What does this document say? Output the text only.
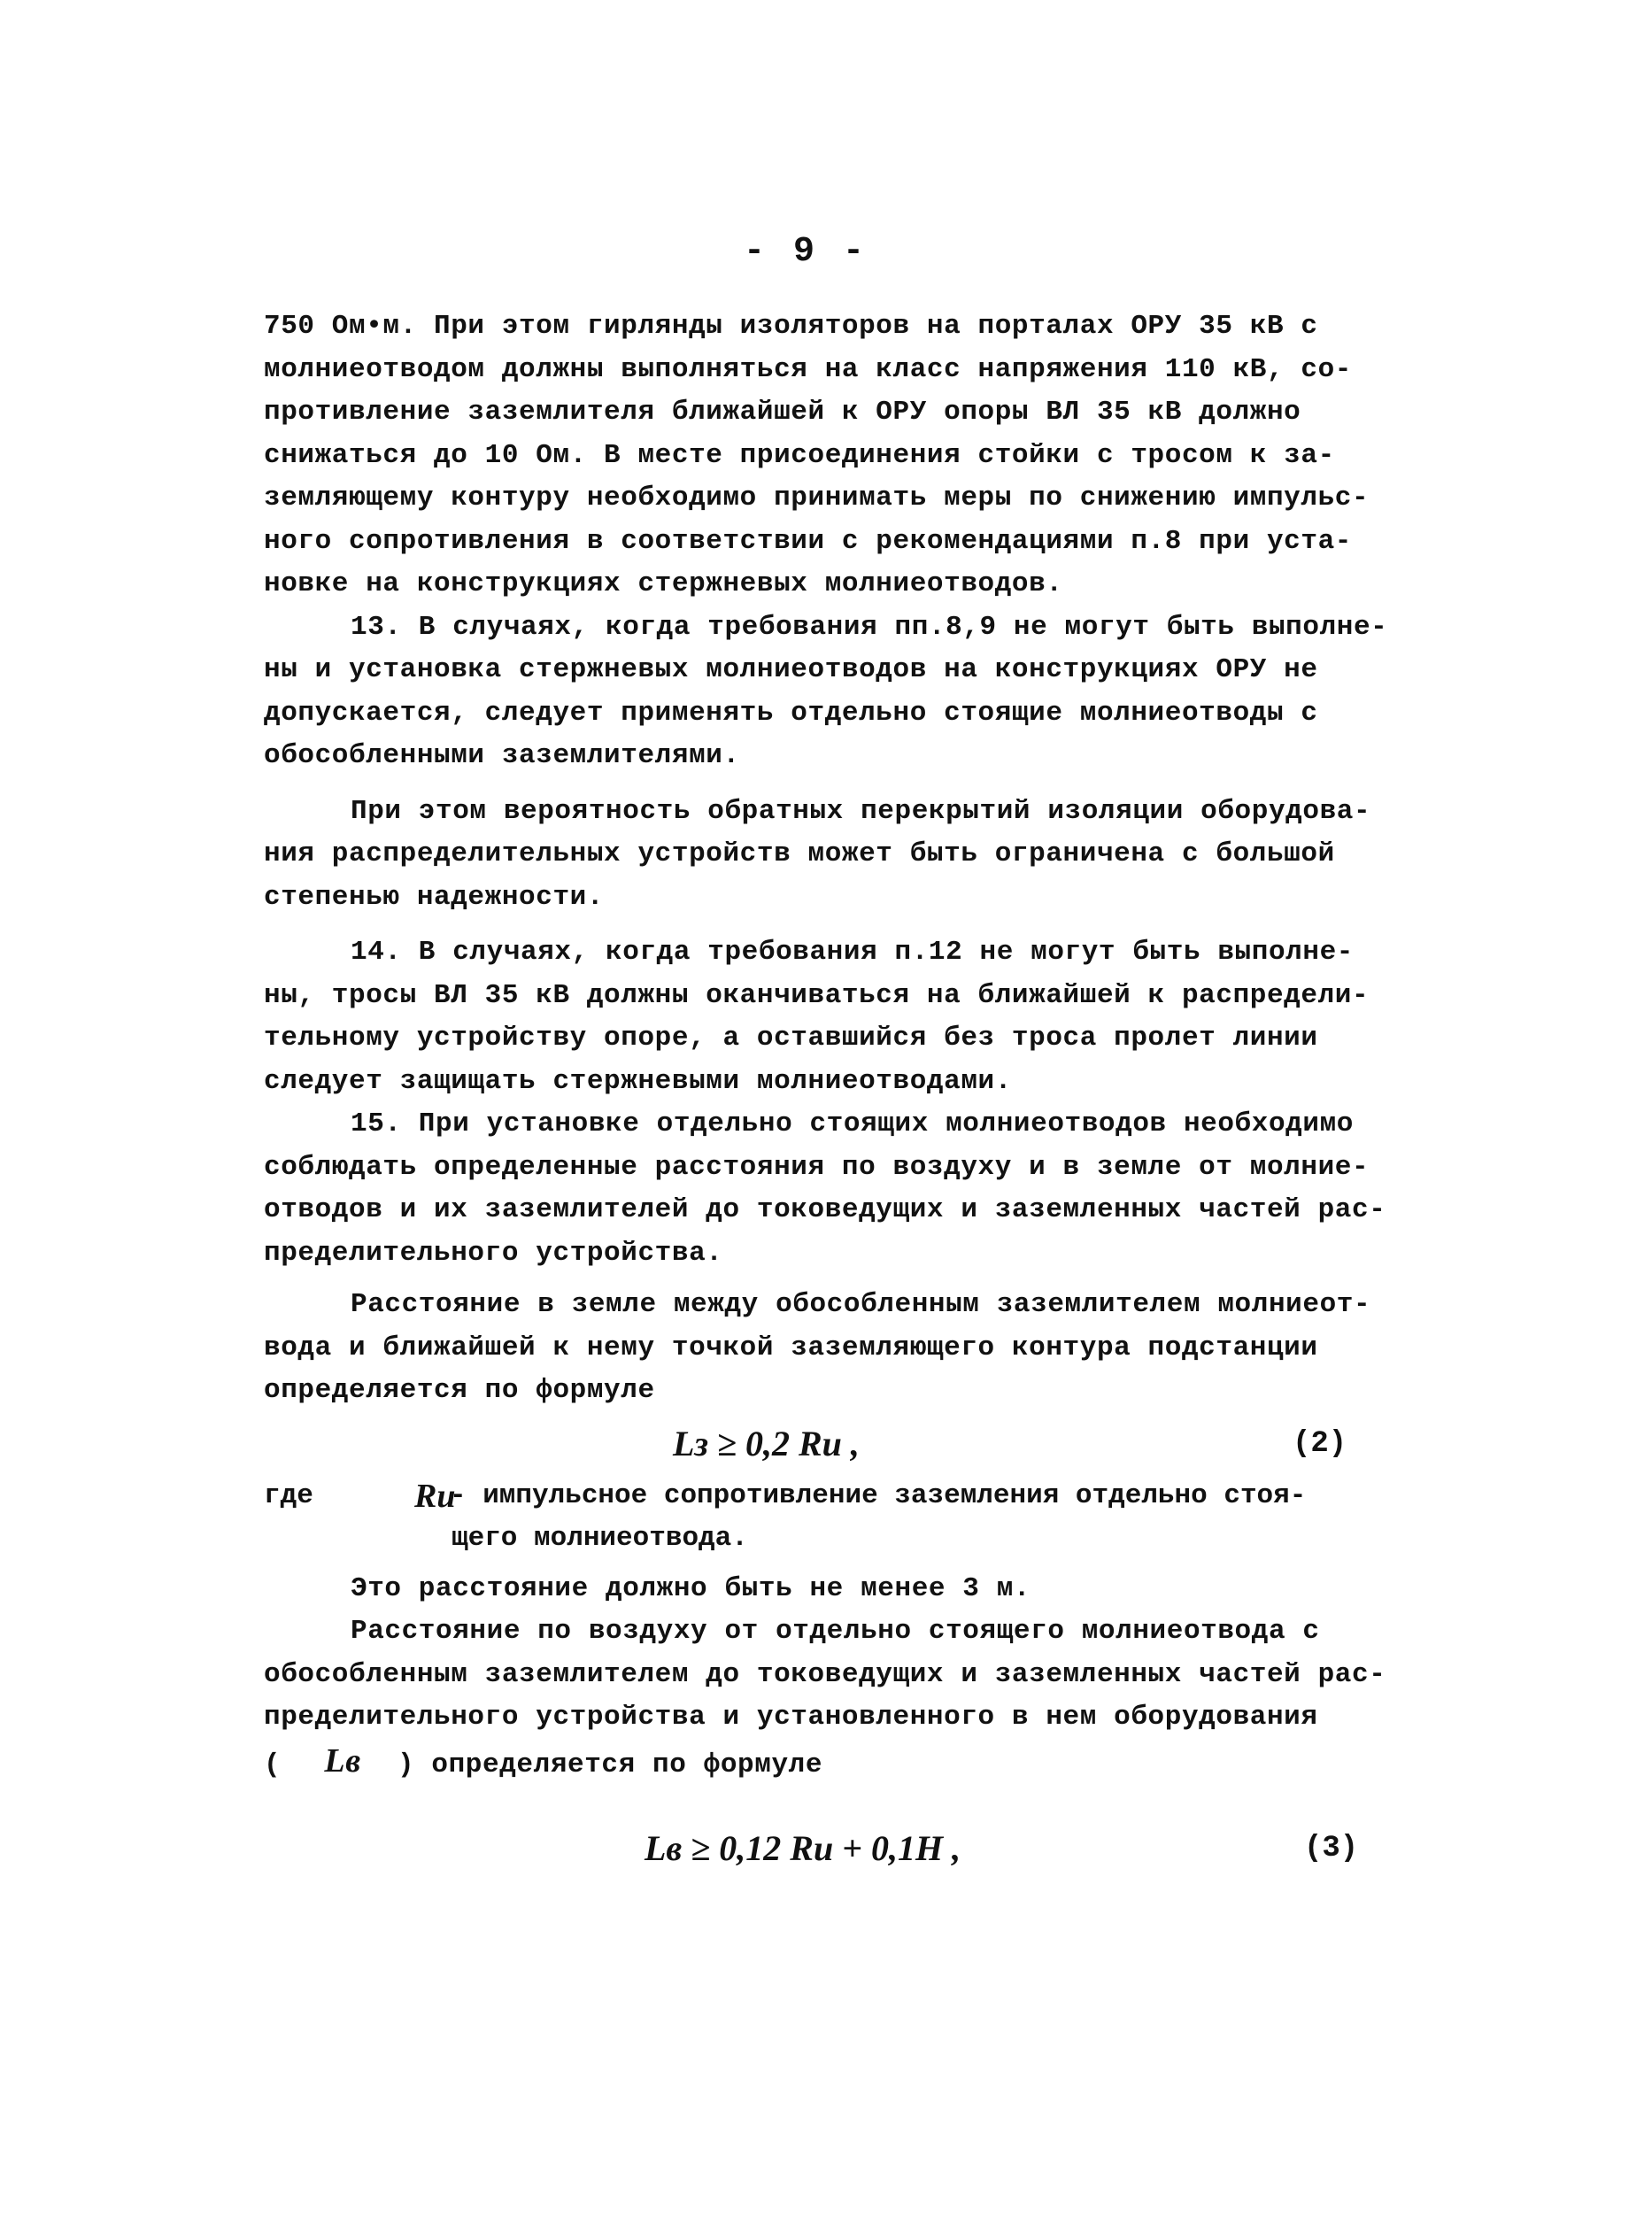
- 9 -
750 Ом•м. При этом гирлянды изоляторов на порталах ОРУ 35 кВ с
молниеотводом должны выполняться на класс напряжения 110 кВ, со-
противление заземлителя ближайшей к ОРУ опоры ВЛ 35 кВ должно
снижаться до 10 Ом. В месте присоединения стойки с тросом к за-
земляющему контуру необходимо принимать меры по снижению импульс-
ного сопротивления в соответствии с рекомендациями п.8 при уста-
новке на конструкциях стержневых молниеотводов.
13. В случаях, когда требования пп.8,9 не могут быть выполне-
ны и установка стержневых молниеотводов на конструкциях ОРУ не
допускается, следует применять отдельно стоящие молниеотводы с
обособленными заземлителями.
При этом вероятность обратных перекрытий изоляции оборудова-
ния распределительных устройств может быть ограничена с большой
степенью надежности.
14. В случаях, когда требования п.12 не могут быть выполне-
ны, тросы ВЛ 35 кВ должны оканчиваться на ближайшей к распредели-
тельному устройству опоре, а оставшийся без троса пролет линии
следует защищать стержневыми молниеотводами.
15. При установке отдельно стоящих молниеотводов необходимо
соблюдать определенные расстояния по воздуху и в земле от молние-
отводов и их заземлителей до токоведущих и заземленных частей рас-
пределительного устройства.
Расстояние в земле между обособленным заземлителем молниеот-
вода и ближайшей к нему точкой заземляющего контура подстанции
определяется по формуле
Lз ≥ 0,2 Rи ,	(2)
где	Rи
- импульсное сопротивление заземления отдельно стоя-
щего молниеотвода.
Это расстояние должно быть не менее 3 м.
Расстояние по воздуху от отдельно стоящего молниеотвода с
обособленным заземлителем до токоведущих и заземленных частей рас-
пределительного устройства и установленного в нем оборудования
( Lв ) определяется по формуле
Lв ≥ 0,12 Rи + 0,1H ,	(3)
